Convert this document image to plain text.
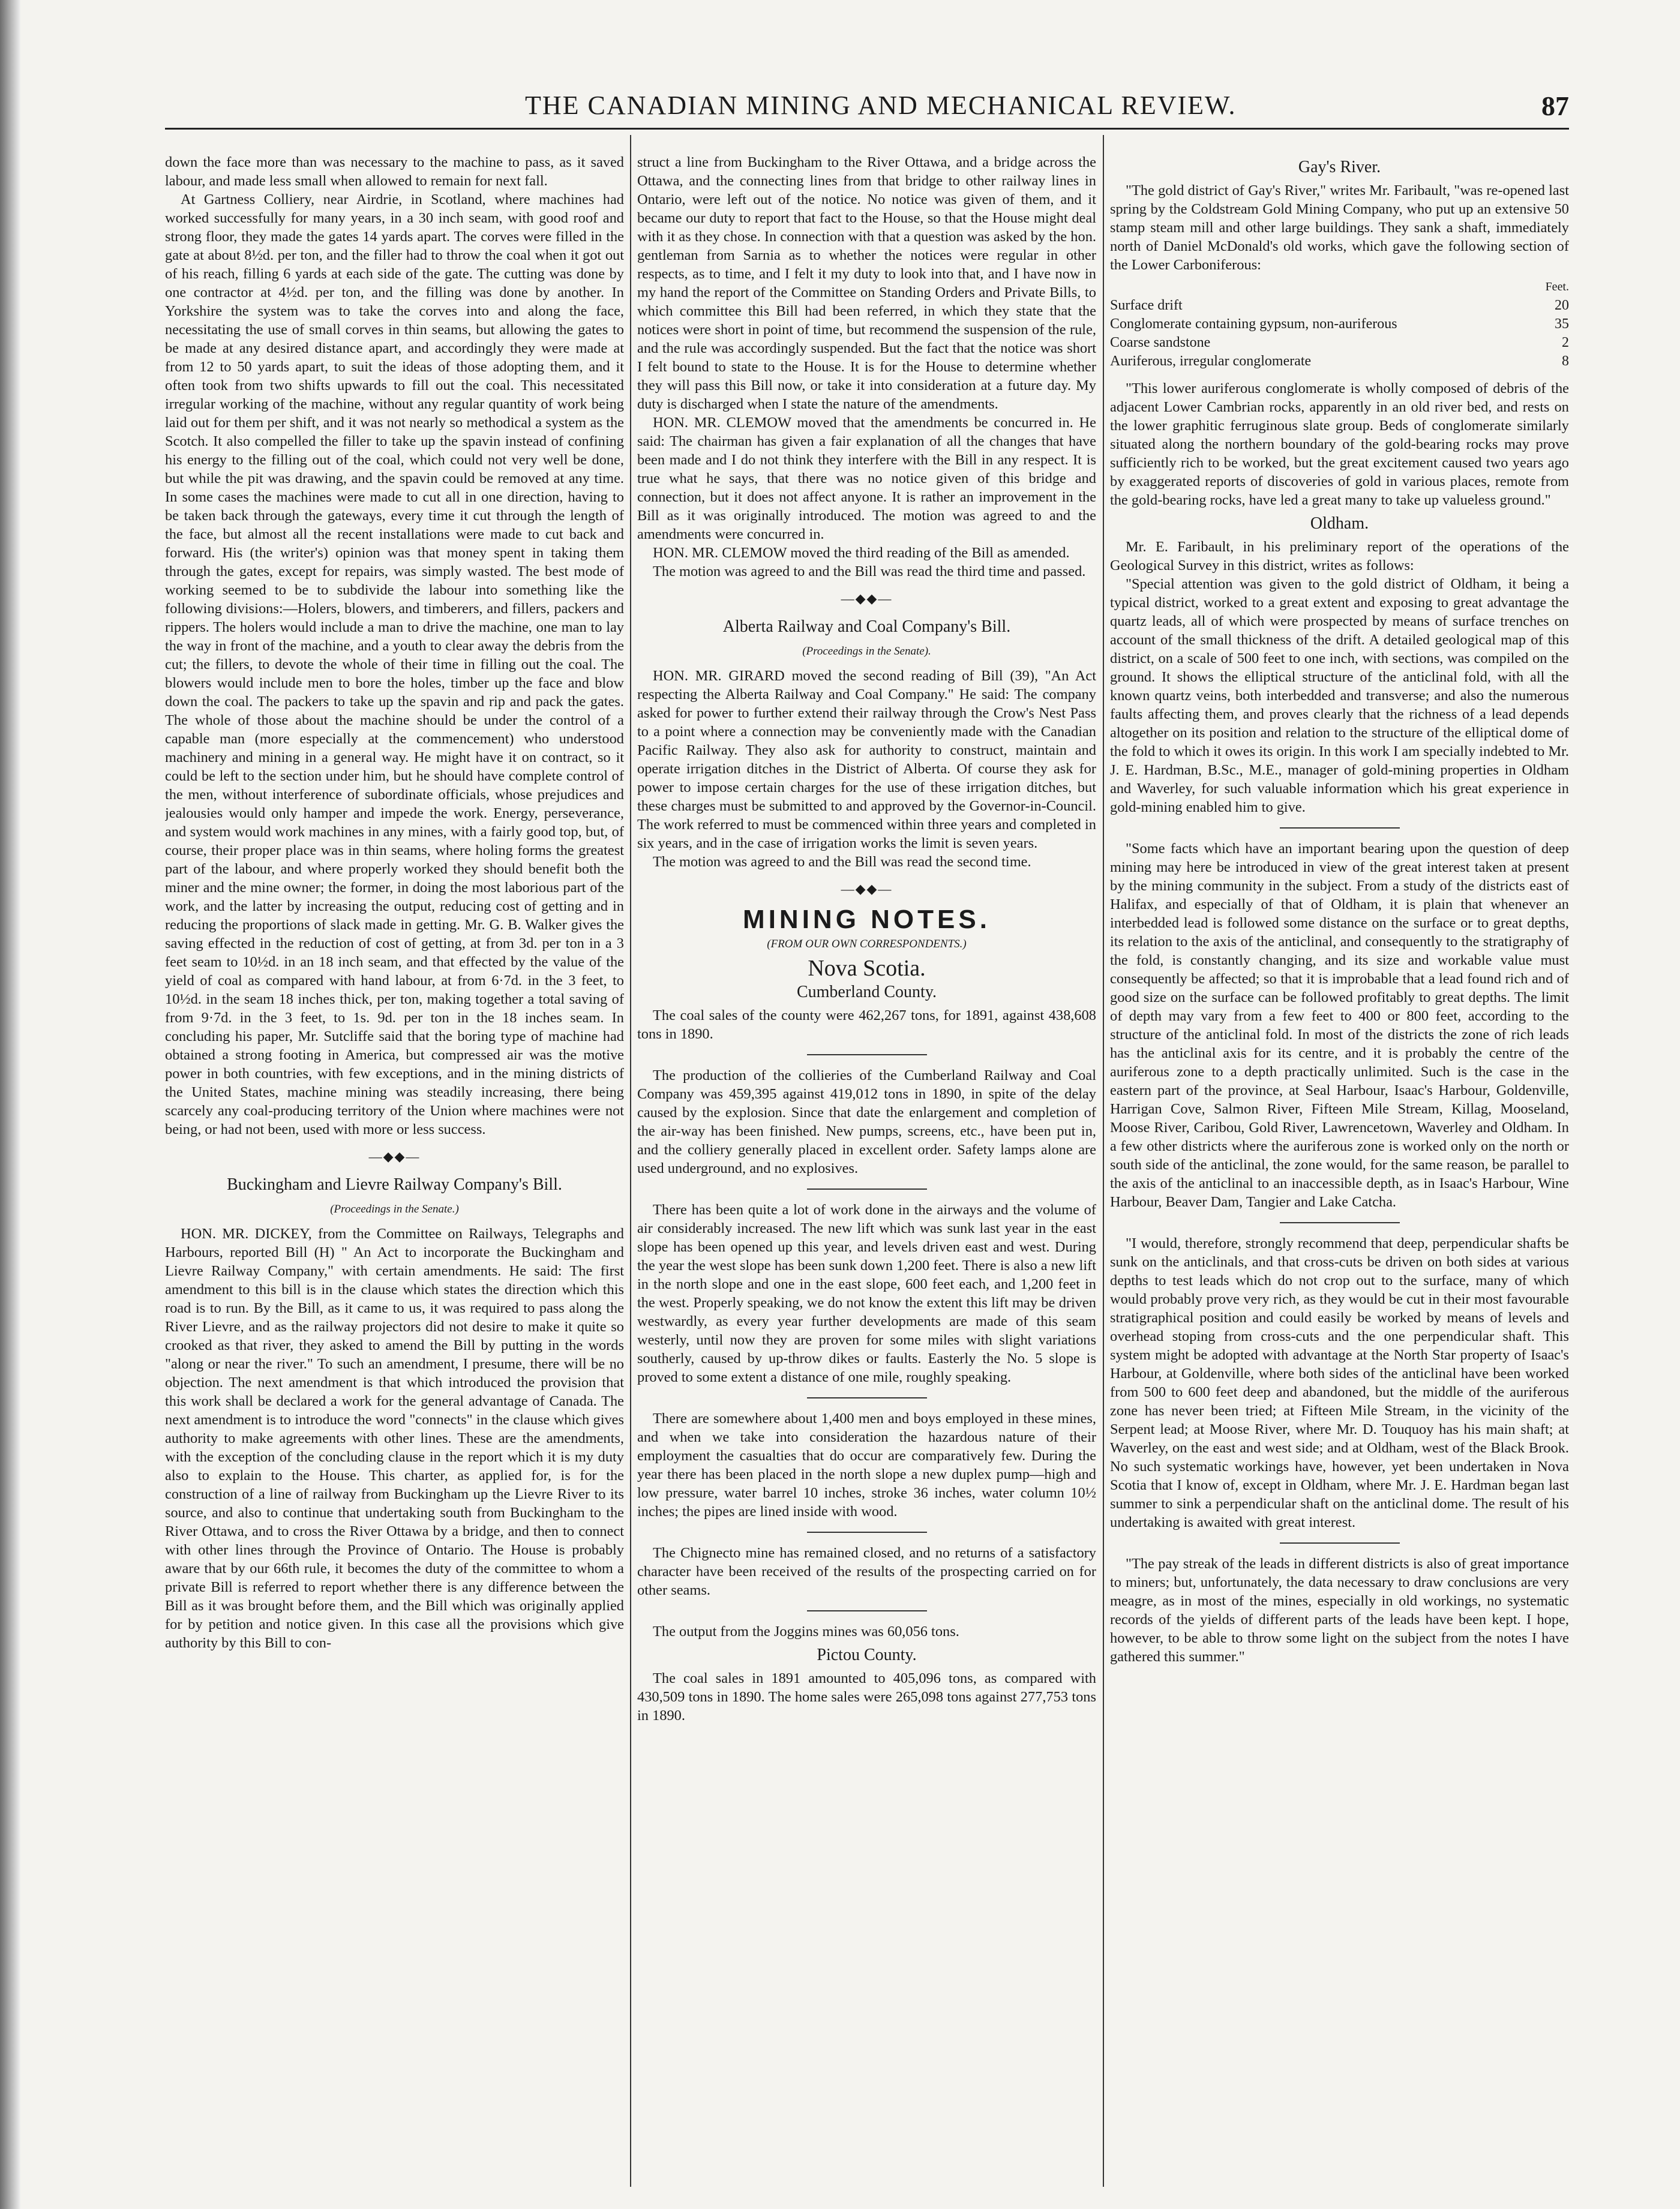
THE CANADIAN MINING AND MECHANICAL REVIEW.	87

down the face more than was necessary to the machine to pass, as it saved labour, and made less small when allowed to remain for next fall.

At Gartness Colliery, near Airdrie, in Scotland, where machines had worked successfully for many years, in a 30 inch seam, with good roof and strong floor, they made the gates 14 yards apart. The corves were filled in the gate at about 8½d. per ton, and the filler had to throw the coal when it got out of his reach, filling 6 yards at each side of the gate. The cutting was done by one contractor at 4½d. per ton, and the filling was done by another. In Yorkshire the system was to take the corves into and along the face, necessitating the use of small corves in thin seams, but allowing the gates to be made at any desired distance apart, and accordingly they were made at from 12 to 50 yards apart, to suit the ideas of those adopting them, and it often took from two shifts upwards to fill out the coal. This necessitated irregular working of the machine, without any regular quantity of work being laid out for them per shift, and it was not nearly so methodical a system as the Scotch. It also compelled the filler to take up the spavin instead of confining his energy to the filling out of the coal, which could not very well be done, but while the pit was drawing, and the spavin could be removed at any time. In some cases the machines were made to cut all in one direction, having to be taken back through the gateways, every time it cut through the length of the face, but almost all the recent installations were made to cut back and forward. His (the writer's) opinion was that money spent in taking them through the gates, except for repairs, was simply wasted. The best mode of working seemed to be to subdivide the labour into something like the following divisions:—Holers, blowers, and timberers, and fillers, packers and rippers. The holers would include a man to drive the machine, one man to lay the way in front of the machine, and a youth to clear away the debris from the cut; the fillers, to devote the whole of their time in filling out the coal. The blowers would include men to bore the holes, timber up the face and blow down the coal. The packers to take up the spavin and rip and pack the gates. The whole of those about the machine should be under the control of a capable man (more especially at the commencement) who understood machinery and mining in a general way. He might have it on contract, so it could be left to the section under him, but he should have complete control of the men, without interference of subordinate officials, whose prejudices and jealousies would only hamper and impede the work. Energy, perseverance, and system would work machines in any mines, with a fairly good top, but, of course, their proper place was in thin seams, where holing forms the greatest part of the labour, and where properly worked they should benefit both the miner and the mine owner; the former, in doing the most laborious part of the work, and the latter by increasing the output, reducing cost of getting and in reducing the proportions of slack made in getting. Mr. G. B. Walker gives the saving effected in the reduction of cost of getting, at from 3d. per ton in a 3 feet seam to 10½d. in an 18 inch seam, and that effected by the value of the yield of coal as compared with hand labour, at from 6·7d. in the 3 feet, to 10½d. in the seam 18 inches thick, per ton, making together a total saving of from 9·7d. in the 3 feet, to 1s. 9d. per ton in the 18 inches seam. In concluding his paper, Mr. Sutcliffe said that the boring type of machine had obtained a strong footing in America, but compressed air was the motive power in both countries, with few exceptions, and in the mining districts of the United States, machine mining was steadily increasing, there being scarcely any coal-producing territory of the Union where machines were not being, or had not been, used with more or less success.

—◆◆—
Buckingham and Lievre Railway Company's Bill.
(Proceedings in the Senate.)

HON. MR. DICKEY, from the Committee on Railways, Telegraphs and Harbours, reported Bill (H) " An Act to incorporate the Buckingham and Lievre Railway Company," with certain amendments. He said: The first amendment to this bill is in the clause which states the direction which this road is to run. By the Bill, as it came to us, it was required to pass along the River Lievre, and as the railway projectors did not desire to make it quite so crooked as that river, they asked to amend the Bill by putting in the words "along or near the river." To such an amendment, I presume, there will be no objection. The next amendment is that which introduced the provision that this work shall be declared a work for the general advantage of Canada. The next amendment is to introduce the word "connects" in the clause which gives authority to make agreements with other lines. These are the amendments, with the exception of the concluding clause in the report which it is my duty also to explain to the House. This charter, as applied for, is for the construction of a line of railway from Buckingham up the Lievre River to its source, and also to continue that undertaking south from Buckingham to the River Ottawa, and to cross the River Ottawa by a bridge, and then to connect with other lines through the Province of Ontario. The House is probably aware that by our 66th rule, it becomes the duty of the committee to whom a private Bill is referred to report whether there is any difference between the Bill as it was brought before them, and the Bill which was originally applied for by petition and notice given. In this case all the provisions which give authority by this Bill to con-

struct a line from Buckingham to the River Ottawa, and a bridge across the Ottawa, and the connecting lines from that bridge to other railway lines in Ontario, were left out of the notice. No notice was given of them, and it became our duty to report that fact to the House, so that the House might deal with it as they chose. In connection with that a question was asked by the hon. gentleman from Sarnia as to whether the notices were regular in other respects, as to time, and I felt it my duty to look into that, and I have now in my hand the report of the Committee on Standing Orders and Private Bills, to which committee this Bill had been referred, in which they state that the notices were short in point of time, but recommend the suspension of the rule, and the rule was accordingly suspended. But the fact that the notice was short I felt bound to state to the House. It is for the House to determine whether they will pass this Bill now, or take it into consideration at a future day. My duty is discharged when I state the nature of the amendments.

HON. MR. CLEMOW moved that the amendments be concurred in. He said: The chairman has given a fair explanation of all the changes that have been made and I do not think they interfere with the Bill in any respect. It is true what he says, that there was no notice given of this bridge and connection, but it does not affect anyone. It is rather an improvement in the Bill as it was originally introduced. The motion was agreed to and the amendments were concurred in.

HON. MR. CLEMOW moved the third reading of the Bill as amended.

The motion was agreed to and the Bill was read the third time and passed.

—◆◆—
Alberta Railway and Coal Company's Bill.
(Proceedings in the Senate).

HON. MR. GIRARD moved the second reading of Bill (39), "An Act respecting the Alberta Railway and Coal Company." He said: The company asked for power to further extend their railway through the Crow's Nest Pass to a point where a connection may be conveniently made with the Canadian Pacific Railway. They also ask for authority to construct, maintain and operate irrigation ditches in the District of Alberta. Of course they ask for power to impose certain charges for the use of these irrigation ditches, but these charges must be submitted to and approved by the Governor-in-Council. The work referred to must be commenced within three years and completed in six years, and in the case of irrigation works the limit is seven years.

The motion was agreed to and the Bill was read the second time.

—◆◆—
MINING NOTES.
(FROM OUR OWN CORRESPONDENTS.)
Nova Scotia.
Cumberland County.

The coal sales of the county were 462,267 tons, for 1891, against 438,608 tons in 1890.

The production of the collieries of the Cumberland Railway and Coal Company was 459,395 against 419,012 tons in 1890, in spite of the delay caused by the explosion. Since that date the enlargement and completion of the air-way has been finished. New pumps, screens, etc., have been put in, and the colliery generally placed in excellent order. Safety lamps alone are used underground, and no explosives.

There has been quite a lot of work done in the airways and the volume of air considerably increased. The new lift which was sunk last year in the east slope has been opened up this year, and levels driven east and west. During the year the west slope has been sunk down 1,200 feet. There is also a new lift in the north slope and one in the east slope, 600 feet each, and 1,200 feet in the west. Properly speaking, we do not know the extent this lift may be driven westwardly, as every year further developments are made of this seam westerly, until now they are proven for some miles with slight variations southerly, caused by up-throw dikes or faults. Easterly the No. 5 slope is proved to some extent a distance of one mile, roughly speaking.

There are somewhere about 1,400 men and boys employed in these mines, and when we take into consideration the hazardous nature of their employment the casualties that do occur are comparatively few. During the year there has been placed in the north slope a new duplex pump—high and low pressure, water barrel 10 inches, stroke 36 inches, water column 10½ inches; the pipes are lined inside with wood.

The Chignecto mine has remained closed, and no returns of a satisfactory character have been received of the results of the prospecting carried on for other seams.

The output from the Joggins mines was 60,056 tons.

Pictou County.

The coal sales in 1891 amounted to 405,096 tons, as compared with 430,509 tons in 1890. The home sales were 265,098 tons against 277,753 tons in 1890.

Gay's River.

"The gold district of Gay's River," writes Mr. Faribault, "was re-opened last spring by the Coldstream Gold Mining Company, who put up an extensive 50 stamp steam mill and other large buildings. They sank a shaft, immediately north of Daniel McDonald's old works, which gave the following section of the Lower Carboniferous:

Feet.	
Surface drift	20
Conglomerate containing gypsum, non-auriferous	35
Coarse sandstone	2
Auriferous, irregular conglomerate	8

"This lower auriferous conglomerate is wholly composed of debris of the adjacent Lower Cambrian rocks, apparently in an old river bed, and rests on the lower graphitic ferruginous slate group. Beds of conglomerate similarly situated along the northern boundary of the gold-bearing rocks may prove sufficiently rich to be worked, but the great excitement caused two years ago by exaggerated reports of discoveries of gold in various places, remote from the gold-bearing rocks, have led a great many to take up valueless ground."

Oldham.

Mr. E. Faribault, in his preliminary report of the operations of the Geological Survey in this district, writes as follows:

"Special attention was given to the gold district of Oldham, it being a typical district, worked to a great extent and exposing to great advantage the quartz leads, all of which were prospected by means of surface trenches on account of the small thickness of the drift. A detailed geological map of this district, on a scale of 500 feet to one inch, with sections, was compiled on the ground. It shows the elliptical structure of the anticlinal fold, with all the known quartz veins, both interbedded and transverse; and also the numerous faults affecting them, and proves clearly that the richness of a lead depends altogether on its position and relation to the structure of the elliptical dome of the fold to which it owes its origin. In this work I am specially indebted to Mr. J. E. Hardman, B.Sc., M.E., manager of gold-mining properties in Oldham and Waverley, for such valuable information which his great experience in gold-mining enabled him to give.

"Some facts which have an important bearing upon the question of deep mining may here be introduced in view of the great interest taken at present by the mining community in the subject. From a study of the districts east of Halifax, and especially of that of Oldham, it is plain that whenever an interbedded lead is followed some distance on the surface or to great depths, its relation to the axis of the anticlinal, and consequently to the stratigraphy of the fold, is constantly changing, and its size and workable value must consequently be affected; so that it is improbable that a lead found rich and of good size on the surface can be followed profitably to great depths. The limit of depth may vary from a few feet to 400 or 800 feet, according to the structure of the anticlinal fold. In most of the districts the zone of rich leads has the anticlinal axis for its centre, and it is probably the centre of the auriferous zone to a depth practically unlimited. Such is the case in the eastern part of the province, at Seal Harbour, Isaac's Harbour, Goldenville, Harrigan Cove, Salmon River, Fifteen Mile Stream, Killag, Mooseland, Moose River, Caribou, Gold River, Lawrencetown, Waverley and Oldham. In a few other districts where the auriferous zone is worked only on the north or south side of the anticlinal, the zone would, for the same reason, be parallel to the axis of the anticlinal to an inaccessible depth, as in Isaac's Harbour, Wine Harbour, Beaver Dam, Tangier and Lake Catcha.

"I would, therefore, strongly recommend that deep, perpendicular shafts be sunk on the anticlinals, and that cross-cuts be driven on both sides at various depths to test leads which do not crop out to the surface, many of which would probably prove very rich, as they would be cut in their most favourable stratigraphical position and could easily be worked by means of levels and overhead stoping from cross-cuts and the one perpendicular shaft. This system might be adopted with advantage at the North Star property of Isaac's Harbour, at Goldenville, where both sides of the anticlinal have been worked from 500 to 600 feet deep and abandoned, but the middle of the auriferous zone has never been tried; at Fifteen Mile Stream, in the vicinity of the Serpent lead; at Moose River, where Mr. D. Touquoy has his main shaft; at Waverley, on the east and west side; and at Oldham, west of the Black Brook. No such systematic workings have, however, yet been undertaken in Nova Scotia that I know of, except in Oldham, where Mr. J. E. Hardman began last summer to sink a perpendicular shaft on the anticlinal dome. The result of his undertaking is awaited with great interest.

"The pay streak of the leads in different districts is also of great importance to miners; but, unfortunately, the data necessary to draw conclusions are very meagre, as in most of the mines, especially in old workings, no systematic records of the yields of different parts of the leads have been kept. I hope, however, to be able to throw some light on the subject from the notes I have gathered this summer."
